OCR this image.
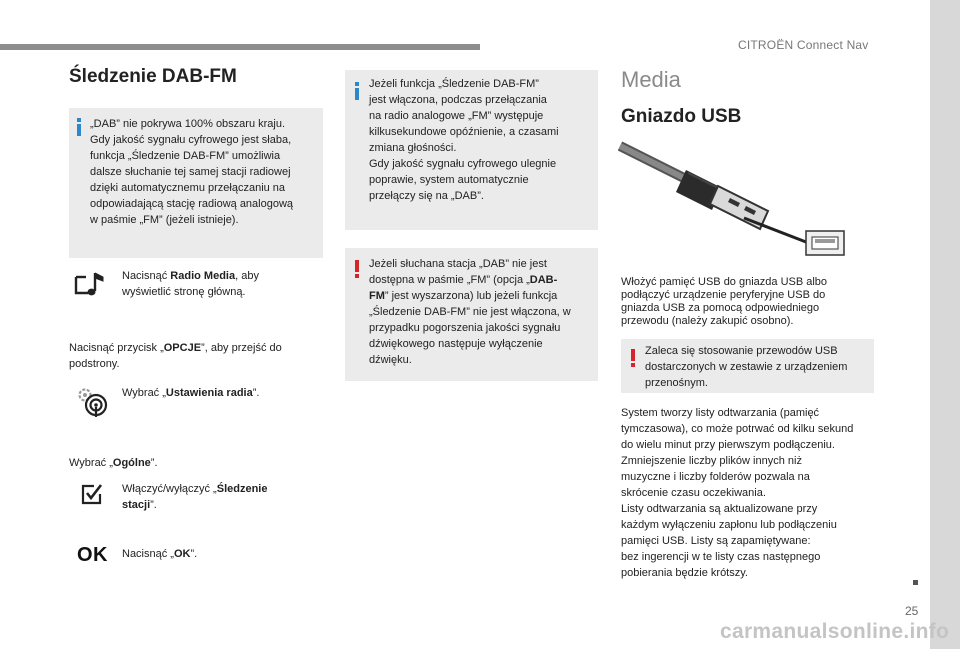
CITROËN Connect Nav
25
carmanualsonline.info
Śledzenie DAB-FM

„DAB” nie pokrywa 100% obszaru kraju.

Gdy jakość sygnału cyfrowego jest słaba,

funkcja „Śledzenie DAB-FM” umożliwia

dalsze słuchanie tej samej stacji radiowej

dzięki automatycznemu przełączaniu na

odpowiadającą stację radiową analogową

w paśmie „FM” (jeżeli istnieje).

Nacisnąć Radio Media, aby

wyświetlić stronę główną.

Nacisnąć przycisk „OPCJE”, aby przejść do

podstrony.

Wybrać „Ustawienia radia”.

Wybrać „Ogólne”.

Włączyć/wyłączyć „Śledzenie

stacji”.

OK Nacisnąć „OK”.

Jeżeli funkcja „Śledzenie DAB-FM”

jest włączona, podczas przełączania

na radio analogowe „FM” występuje

kilkusekundowe opóźnienie, a czasami

zmiana głośności.

Gdy jakość sygnału cyfrowego ulegnie

poprawie, system automatycznie

przełączy się na „DAB”.

Jeżeli słuchana stacja „DAB” nie jest

dostępna w paśmie „FM” (opcja „DAB-

FM” jest wyszarzona) lub jeżeli funkcja

„Śledzenie DAB-FM” nie jest włączona, w

przypadku pogorszenia jakości sygnału

dźwiękowego następuje wyłączenie

dźwięku.

Media
Gniazdo USB

Włożyć pamięć USB do gniazda USB albo

podłączyć urządzenie peryferyjne USB do

gniazda USB za pomocą odpowiedniego

przewodu (należy zakupić osobno).

Zaleca się stosowanie przewodów USB

dostarczonych w zestawie z urządzeniem

przenośnym.

System tworzy listy odtwarzania (pamięć

tymczasowa), co może potrwać od kilku sekund

do wielu minut przy pierwszym podłączeniu.

Zmniejszenie liczby plików innych niż

muzyczne i liczby folderów pozwala na

skrócenie czasu oczekiwania.

Listy odtwarzania są aktualizowane przy

każdym wyłączeniu zapłonu lub podłączeniu

pamięci USB. Listy są zapamiętywane:

bez ingerencji w te listy czas następnego

pobierania będzie krótszy.
